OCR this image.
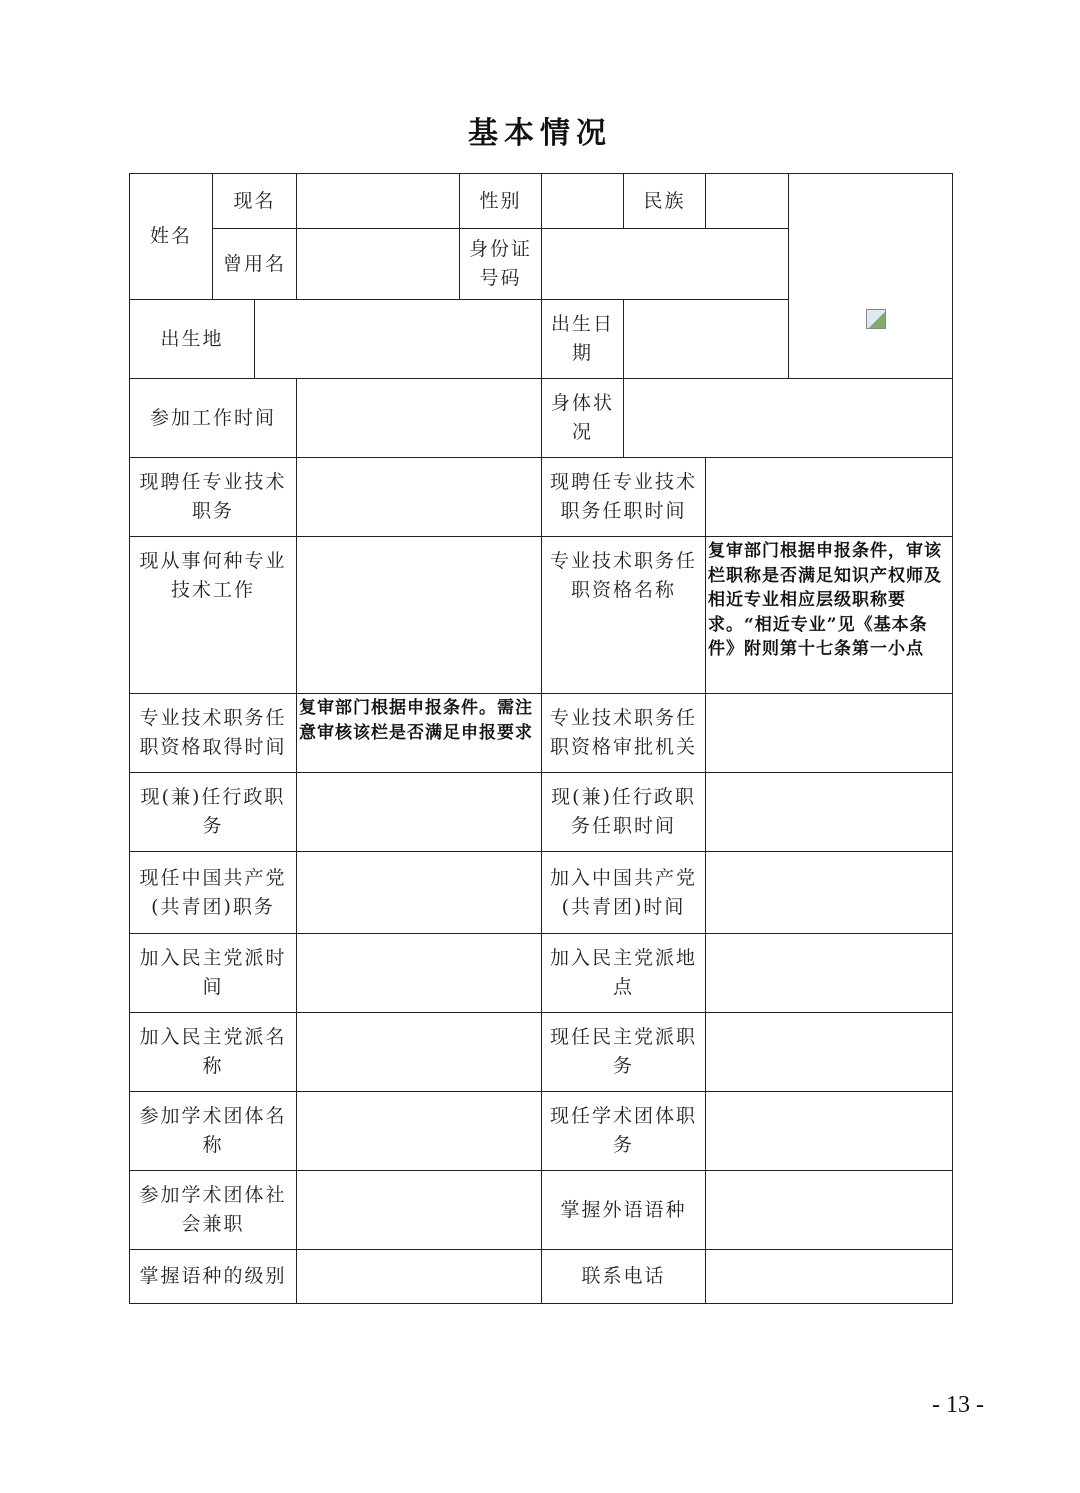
基本情况
姓名	现名			性别		民族		
	曾用名			身份证号码				
出生地					出生日期			
参加工作时间					身体状况			
现聘任专业技术职务					现聘任专业技术职务任职时间			
现从事何种专业技术工作					专业技术职务任职资格名称		复审部门根据申报条件，审该栏职称是否满足知识产权师及相近专业相应层级职称要求。“相近专业”见《基本条件》附则第十七条第一小点	
专业技术职务任职资格取得时间			复审部门根据申报条件。需注意审核该栏是否满足申报要求		专业技术职务任职资格审批机关			
现(兼)任行政职务					现(兼)任行政职务任职时间			
现任中国共产党(共青团)职务					加入中国共产党(共青团)时间			
加入民主党派时间					加入民主党派地点			
加入民主党派名称					现任民主党派职务			
参加学术团体名称					现任学术团体职务			
参加学术团体社会兼职					掌握外语语种			
掌握语种的级别					联系电话			
- 13 -
